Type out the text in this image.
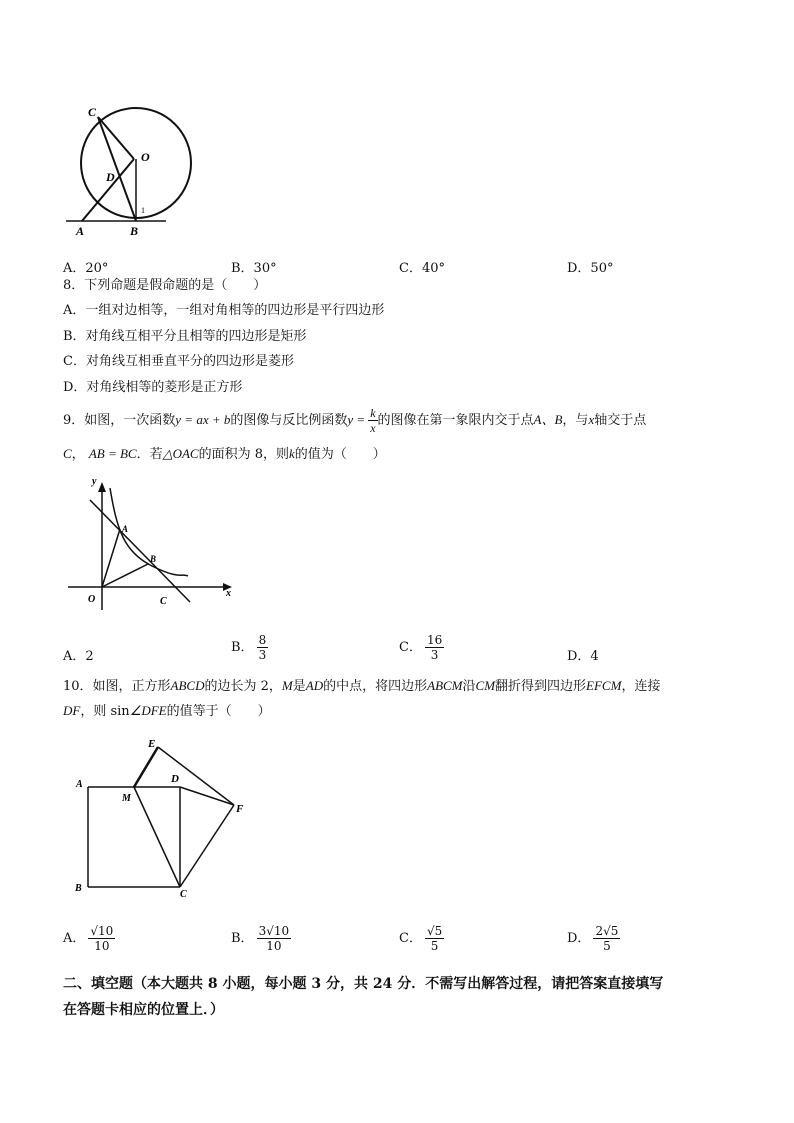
C
O
D
A	B
1
A．20°	B．30°	C．40°	D．50°
8．下列命题是假命题的是（　　）
A．一组对边相等，一组对角相等的四边形是平行四边形
B．对角线互相平分且相等的四边形是矩形
C．对角线互相垂直平分的四边形是菱形
D．对角线相等的菱形是正方形
9．如图，一次函数y = ax + b的图像与反比例函数$y = \frac{k}{x}$ 的图像在第一象限内交于点A、B，与x轴交于点
C， AB = BC．若△OAC的面积为 8，则k的值为（　　）
y
A
B
O	C
x
A．2
B． $\frac{8}{3}$	C． $\frac{16}{3}$	D．4
10．如图，正方形ABCD的边长为 2，M是AD的中点，将四边形ABCM沿CM翻折得到四边形EFCM，连接
DF，则 sin∠DFE的值等于（　　）
E
A
M
D
F
B
C
A． $\frac{√10}{10}$	B． $\frac{3√10}{10}$	C． $\frac{√5}{5}$	D． $\frac{2√5}{5}$
二、填空题（本大题共 8 小题，每小题 3 分，共 24 分．不需写出解答过程，请把答案直接填写
在答题卡相应的位置上．）
